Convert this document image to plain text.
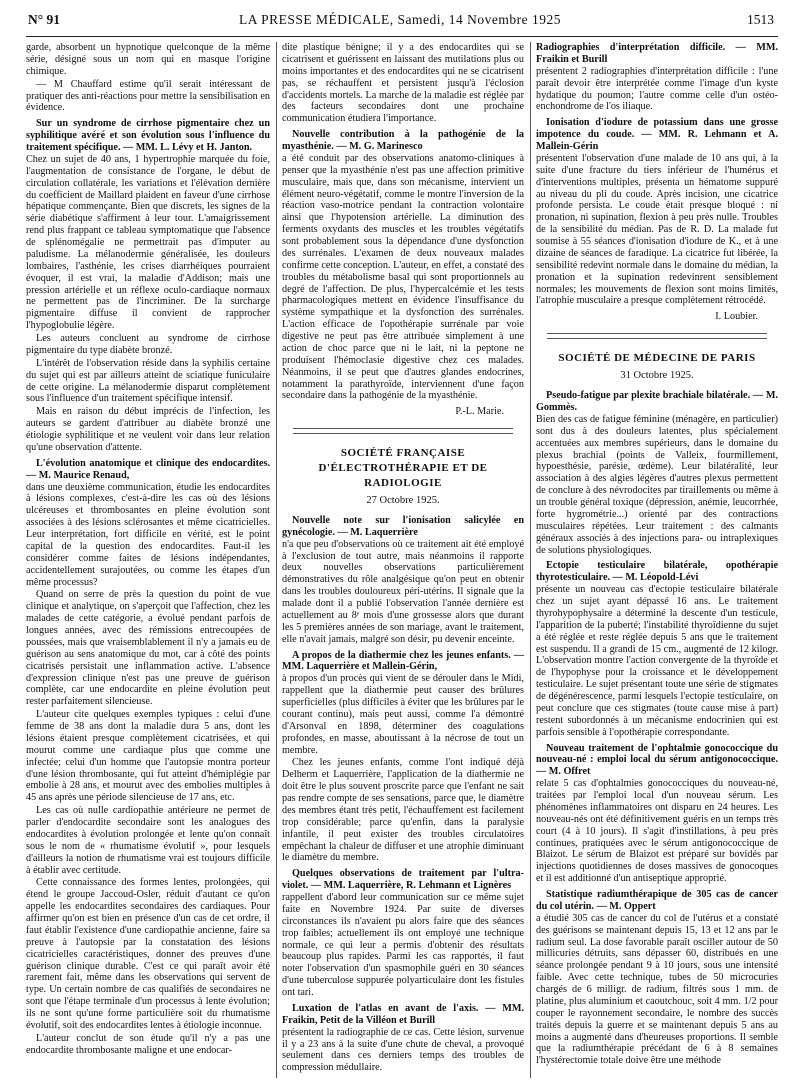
N° 91	LA PRESSE MÉDICALE, Samedi, 14 Novembre 1925	1513

garde, absorbent un hypnotique quelconque de la même série, désigné sous un nom qui en masque l'origine chimique.

— M Chauffard estime qu'il serait intéressant de pratiquer des anti-réactions pour mettre la sensibilisation en évidence.

Sur un syndrome de cirrhose pigmentaire chez un syphilitique avéré et son évolution sous l'influence du traitement spécifique. — MM. L. Lévy et H. Janton.
Chez un sujet de 40 ans, 1 hypertrophie marquée du foie, l'augmentation de consistance de l'organe, le début de circulation collatérale, les variations et l'élévation dernière du coefficient de Maillard plaident en faveur d'une cirrhose hépatique commençante. Bien que discrets, les signes de la série diabétique s'affirment à leur tour. L'amaigrissement rend plus frappant ce tableau symptomatique que l'absence de splénomégalie ne permettrait pas d'imputer au paludisme. La mélanodermie généralisée, les douleurs lombaires, l'asthénie, les crises diarrhéiques pourraient évoquer, il est vrai, la maladie d'Addison; mais une pression artérielle et un réflexe oculo-cardiaque normaux ne permettent pas de l'incriminer. De la surcharge pigmentaire diffuse il convient de rapprocher l'hypoglobulie légère.

Les auteurs concluent au syndrome de cirrhose pigmentaire du type diabète bronzé.

L'intérêt de l'observation réside dans la syphilis certaine du sujet qui est par ailleurs atteint de sciatique funiculaire de cette origine. La mélanodermie disparut complètement sous l'influence d'un traitement spécifique intensif.

Mais en raison du début imprécis de l'infection, les auteurs se gardent d'attribuer au diabète bronzé une étiologie syphilitique et ne veulent voir dans leur relation qu'une observation d'attente.

L'évolution anatomique et clinique des endocardites. — M. Maurice Renaud,
dans une deuxième communication, étudie les endocardites à lésions complexes, c'est-à-dire les cas où des lésions ulcéreuses et thrombosantes en pleine évolution sont associées à des lésions sclérosantes et même cicatricielles. Leur interprétation, fort difficile en vérité, est le point capital de la question des endocardites. Faut-il les considérer comme faites de lésions indépendantes, accidentellement surajoutées, ou comme les étapes d'un même processus?

Quand on serre de près la question du point de vue clinique et analytique, on s'aperçoit que l'affection, chez les malades de cette catégorie, a évolué pendant parfois de longues années, avec des rémissions entrecoupées de poussées, mais que vraisemblablement il n'y a jamais eu de guérison au sens anatomique du mot, car à côté des points cicatrisés persistait une inflammation active. L'absence d'expression clinique n'est pas une preuve de guérison complète, car une endocardite en pleine évolution peut rester parfaitement silencieuse.

L'auteur cite quelques exemples typiques : celui d'une femme de 38 ans dont la maladie dura 5 ans, dont les lésions étaient presque complètement cicatrisées, et qui mourut comme une cardiaque plus que comme une infectée; celui d'un homme que l'autopsie montra porteur d'une lésion thrombosante, qui fut atteint d'hémiplégie par embolie à 28 ans, et mourut avec des embolies multiples à 45 ans après une période silencieuse de 17 ans, etc.

Les cas où nulle cardiopathie antérieure ne permet de parler d'endocardite secondaire sont les analogues des endocardites à évolution prolongée et lente qu'on connaît sous le nom de « rhumatisme évolutif », pour lesquels d'ailleurs la notion de rhumatisme vrai est toujours difficile à établir avec certitude.

Cette connaissance des formes lentes, prolongées, qui étend le groupe Jaccoud-Osler, réduit d'autant ce qu'on appelle les endocardites secondaires des cardiaques. Pour affirmer qu'on est bien en présence d'un cas de cet ordre, il faut établir l'existence d'une cardiopathie ancienne, faire sa preuve à l'autopsie par la constatation des lésions cicatricielles caractéristiques, donner des preuves d'une guérison clinique durable. C'est ce qui paraît avoir été rarement fait, même dans les observations qui servent de type. Un certain nombre de cas qualifiés de secondaires ne sont que l'étape terminale d'un processus à lente évolution; ils ne sont qu'une forme particulière soit du rhumatisme évolutif, soit des endocardites lentes à étiologie inconnue.

L'auteur conclut de son étude qu'il n'y a pas une endocardite thrombosante maligne et une endocar-

dite plastique bénigne; il y a des endocardites qui se cicatrisent et guérissent en laissant des mutilations plus ou moins importantes et des endocardites qui ne se cicatrisent pas, se réchauffent et persistent jusqu'à l'éclosion d'accidents mortels. La marche de la maladie est réglée par des facteurs secondaires dont une prochaine communication étudiera l'importance.

Nouvelle contribution à la pathogénie de la myasthénie. — M. G. Marinesco
a été conduit par des observations anatomo-cliniques à penser que la myasthénie n'est pas une affection primitive musculaire, mais que, dans son mécanisme, intervient un élément neuro-végétatif, comme le montre l'inversion de la réaction vaso-motrice pendant la contraction volontaire ainsi que l'hypotension artérielle. La diminution des ferments oxydants des muscles et les troubles végétatifs sont probablement sous la dépendance d'une dysfonction des surrénales. L'examen de deux nouveaux malades confirme cette conception. L'auteur, en effet, a constaté des troubles du métabolisme basal qui sont proportionnels au degré de l'affection. De plus, l'hypercalcémie et les tests pharmacologiques mettent en évidence l'insuffisance du système sympathique et la dysfonction des surrénales. L'action efficace de l'opothérapie surrénale par voie digestive ne peut pas être attribuée simplement à une action de choc parce que ni le lait, ni la peptone ne produisent l'hémoclasie digestive chez ces malades. Néanmoins, il se peut que d'autres glandes endocrines, notamment la parathyroïde, interviennent d'une façon secondaire dans la pathogénie de la myasthénie.

P.-L. Marie.
SOCIÉTÉ FRANÇAISE D'ÉLECTROTHÉRAPIE ET DE RADIOLOGIE
27 Octobre 1925.

Nouvelle note sur l'ionisation salicylée en gynécologie. — M. Laquerrière
n'a que peu d'observations où ce traitement ait été employé à l'exclusion de tout autre, mais néanmoins il rapporte deux nouvelles observations particulièrement démonstratives du rôle analgésique qu'on peut en obtenir dans les troubles douloureux péri-utérins. Il signale que la malade dont il a publié l'observation l'année dernière est actuellement au 8ᵉ mois d'une grossesse alors que durant les 5 premières années de son mariage, avant le traitement, elle n'avait jamais, malgré son désir, pu devenir enceinte.

A propos de la diathermie chez les jeunes enfants. — MM. Laquerrière et Mallein-Gérin,
à propos d'un procès qui vient de se dérouler dans le Midi, rappellent que la diathermie peut causer des brûlures superficielles (plus difficiles à éviter que les brûlures par le courant continu), mais peut aussi, comme l'a démontré d'Arsonval en 1898, déterminer des coagulations profondes, en masse, aboutissant à la nécrose de tout un membre.

Chez les jeunes enfants, comme l'ont indiqué déjà Delherm et Laquerrière, l'application de la diathermie ne doit être le plus souvent proscrite parce que l'enfant ne sait pas rendre compte de ses sensations, parce que, le diamètre des membres étant très petit, l'échauffement est facilement trop considérable; parce qu'enfin, dans la paralysie infantile, il peut exister des troubles circulatoires empêchant la chaleur de diffuser et une atrophie diminuant le diamètre du membre.

Quelques observations de traitement par l'ultra-violet. — MM. Laquerrière, R. Lehmann et Lignères
rappellent d'abord leur communication sur ce même sujet faite en Novembre 1924. Par suite de diverses circonstances ils n'avaient pu alors faire que des séances trop faibles; actuellement ils ont employé une technique normale, ce qui leur a permis d'obtenir des résultats beaucoup plus rapides. Parmi les cas rapportés, il faut noter l'observation d'un spasmophile guéri en 30 séances d'une tuberculose suppurée polyarticulaire dont les fistules ont tari.

Luxation de l'atlas en avant de l'axis. — MM. Fraikin, Petit de la Villéon et Burill
présentent la radiographie de ce cas. Cette lésion, survenue il y a 23 ans à la suite d'une chute de cheval, a provoqué seulement dans ces derniers temps des troubles de compression médullaire.

Radiographies d'interprétation difficile. — MM. Fraikin et Burill
présentent 2 radiographies d'interprétation difficile : l'une paraît devoir être interprétée comme l'image d'un kyste hydatique du poumon; l'autre comme celle d'un ostéo-enchondrome de l'os iliaque.

Ionisation d'iodure de potassium dans une grosse impotence du coude. — MM. R. Lehmann et A. Mallein-Gérin
présentent l'observation d'une malade de 10 ans qui, à la suite d'une fracture du tiers inférieur de l'humérus et d'interventions multiples, présenta un hématome suppuré au niveau du pli du coude. Après incision, une cicatrice profonde persista. Le coude était presque bloqué : ni pronation, ni supination, flexion à peu près nulle. Troubles de la sensibilité du médian. Pas de R. D. La malade fut soumise à 55 séances d'ionisation d'iodure de K., et à une dizaine de séances de faradique. La cicatrice fut libérée, la sensibilité redevint normale dans le domaine du médian, la pronation et la supination redevinrent sensiblement normales; les mouvements de flexion sont moins limités, l'atrophie musculaire a presque complètement rétrocédé.

I. Loubier.
SOCIÉTÉ DE MÉDECINE DE PARIS
31 Octobre 1925.

Pseudo-fatigue par plexite brachiale bilatérale. — M. Gommès.
Bien des cas de fatigue féminine (ménagère, en particulier) sont dus à des douleurs latentes, plus spécialement accentuées aux membres supérieurs, dans le domaine du plexus brachial (points de Valleix, fourmillement, hypoesthésie, parésie, œdème). Leur bilatéralité, leur association à des algies légères d'autres plexus permettent de conclure à des névrodocites par tiraillements ou même à un trouble général toxique (dépression, anémie, leucorrhée, forte hygrométrie...) orienté par des contractions musculaires répétées. Leur traitement : des calmants généraux associés à des injections para- ou intraplexiques de solutions physiologiques.

Ectopie testiculaire bilatérale, opothérapie thyrotesticulaire. — M. Léopold-Lévi
présente un nouveau cas d'ectopie testiculaire bilatérale chez un sujet ayant dépassé 16 ans. Le traitement thyrohypophysaire a déterminé la descente d'un testicule, l'apparition de la puberté; l'instabilité thyroïdienne du sujet a été réglée et reste réglée depuis 5 ans que le traitement est suspendu. Il a grandi de 15 cm., augmenté de 12 kilogr. L'observation montre l'action convergente de la thyroïde et de l'hypophyse pour la croissance et le développement testiculaire. Le sujet présentant toute une série de stigmates de dégénérescence, parmi lesquels l'ectopie testiculaire, on peut conclure que ces stigmates (toute cause mise à part) restent subordonnés à un mécanisme endocrinien qui est parfois sensible à l'opothérapie correspondante.

Nouveau traitement de l'ophtalmie gonococcique du nouveau-né : emploi local du sérum antigonococcique. — M. Offret
relate 5 cas d'ophtalmies gonococciques du nouveau-né, traitées par l'emploi local d'un nouveau sérum. Les phénomènes inflammatoires ont disparu en 24 heures. Les nouveau-nés ont été définitivement guéris en un temps très court (4 à 10 jours). Il s'agit d'instillations, à peu près continues, pratiquées avec le sérum antigonococcique de Blaizot. Le sérum de Blaizot est préparé sur bovidés par injections quotidiennes de doses massives de gonocoques et il est additionné d'un antiseptique approprié.

Statistique radiumthérapique de 305 cas de cancer du col utérin. — M. Oppert
a étudié 305 cas de cancer du col de l'utérus et a constaté des guérisons se maintenant depuis 15, 13 et 12 ans par le radium seul. La dose favorable paraît osciller autour de 50 millicuries détruits, sans dépasser 60, distribués en une séance prolongée pendant 9 à 10 jours, sous une intensité faible. Avec cette technique, tubes de 50 microcuries chargés de 6 milligr. de radium, filtrés sous 1 mm. de platine, plus aluminium et caoutchouc, soit 4 mm. 1/2 pour couper le rayonnement secondaire, le nombre des succès traités depuis la guerre et se maintenant depuis 5 ans au moins a augmenté dans d'heureuses proportions. Il semble que la radiumthérapie précédant de 6 à 8 semaines l'hystérectomie totale doive être une méthode
